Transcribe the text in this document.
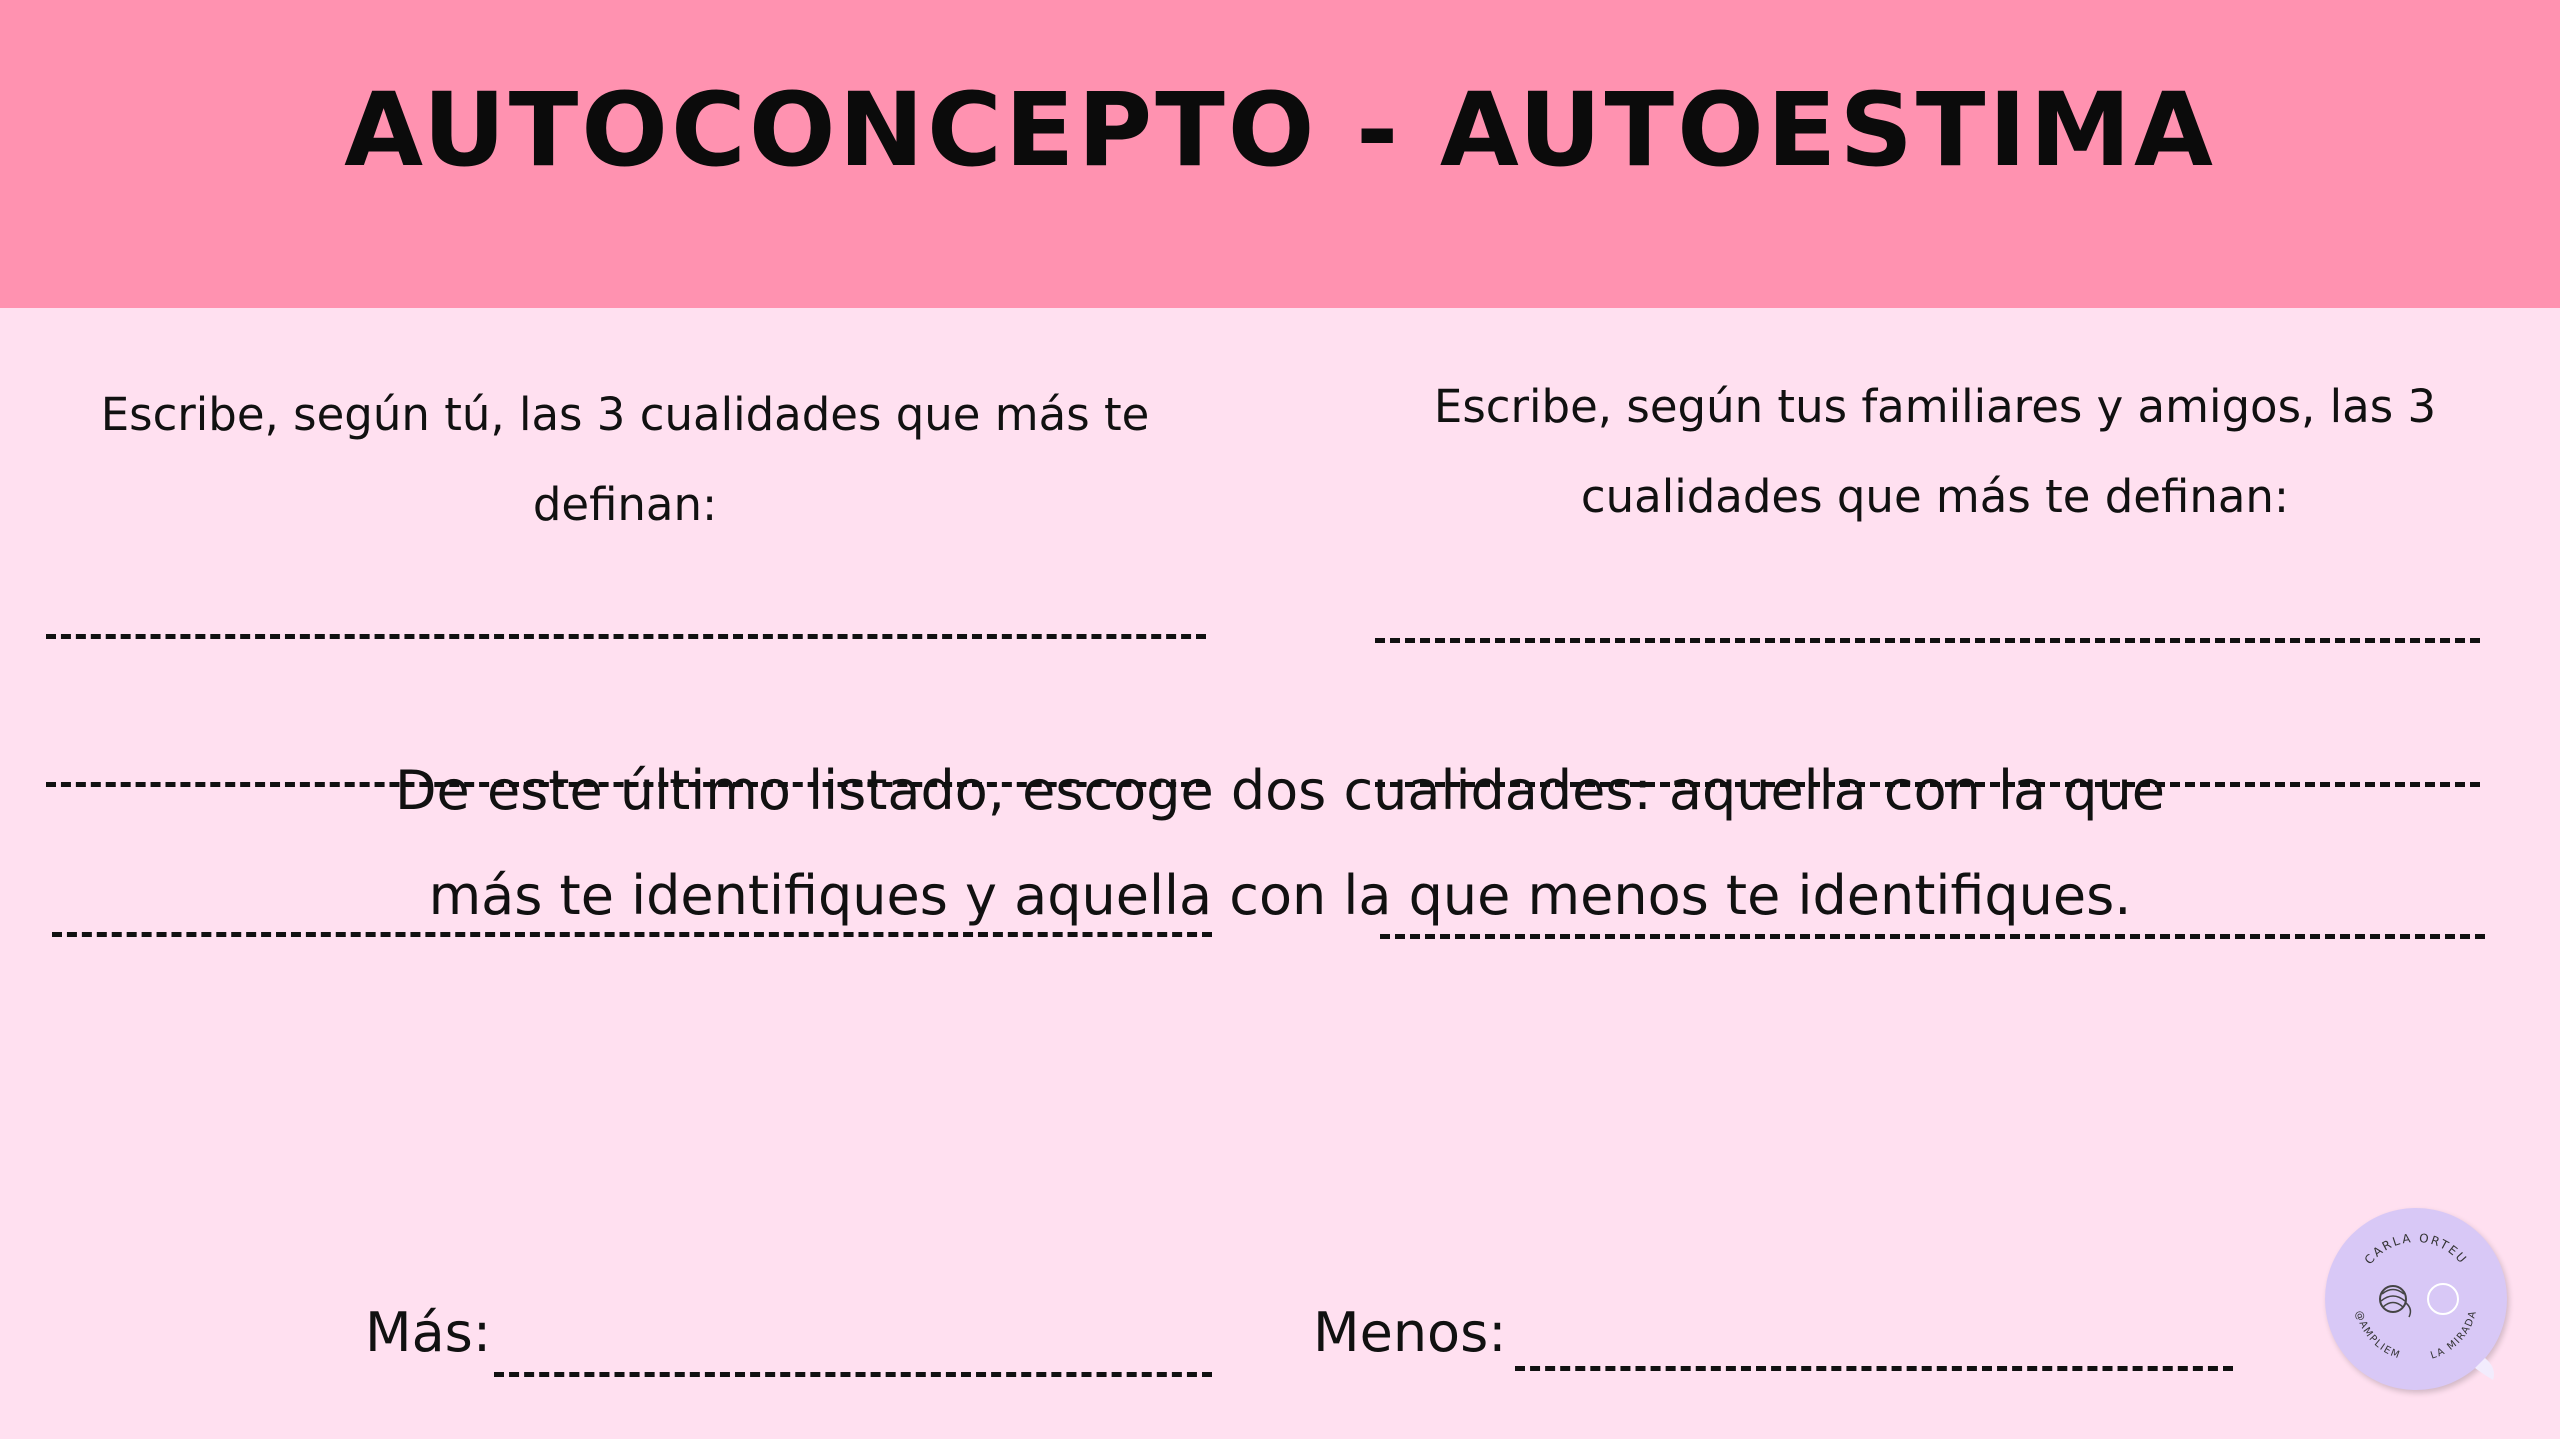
AUTOCONCEPTO - AUTOESTIMA

Escribe, según tú, las 3 cualidades que más te definan:

Escribe, según tus familiares y amigos, las 3 cualidades que más te definan:

De este último listado, escoge dos cualidades: aquella con la que más te identifiques y aquella con la que menos te identifiques.

Más:	Menos:

CARLA ORTEU
@AMPLIEM	LA MIRADA
